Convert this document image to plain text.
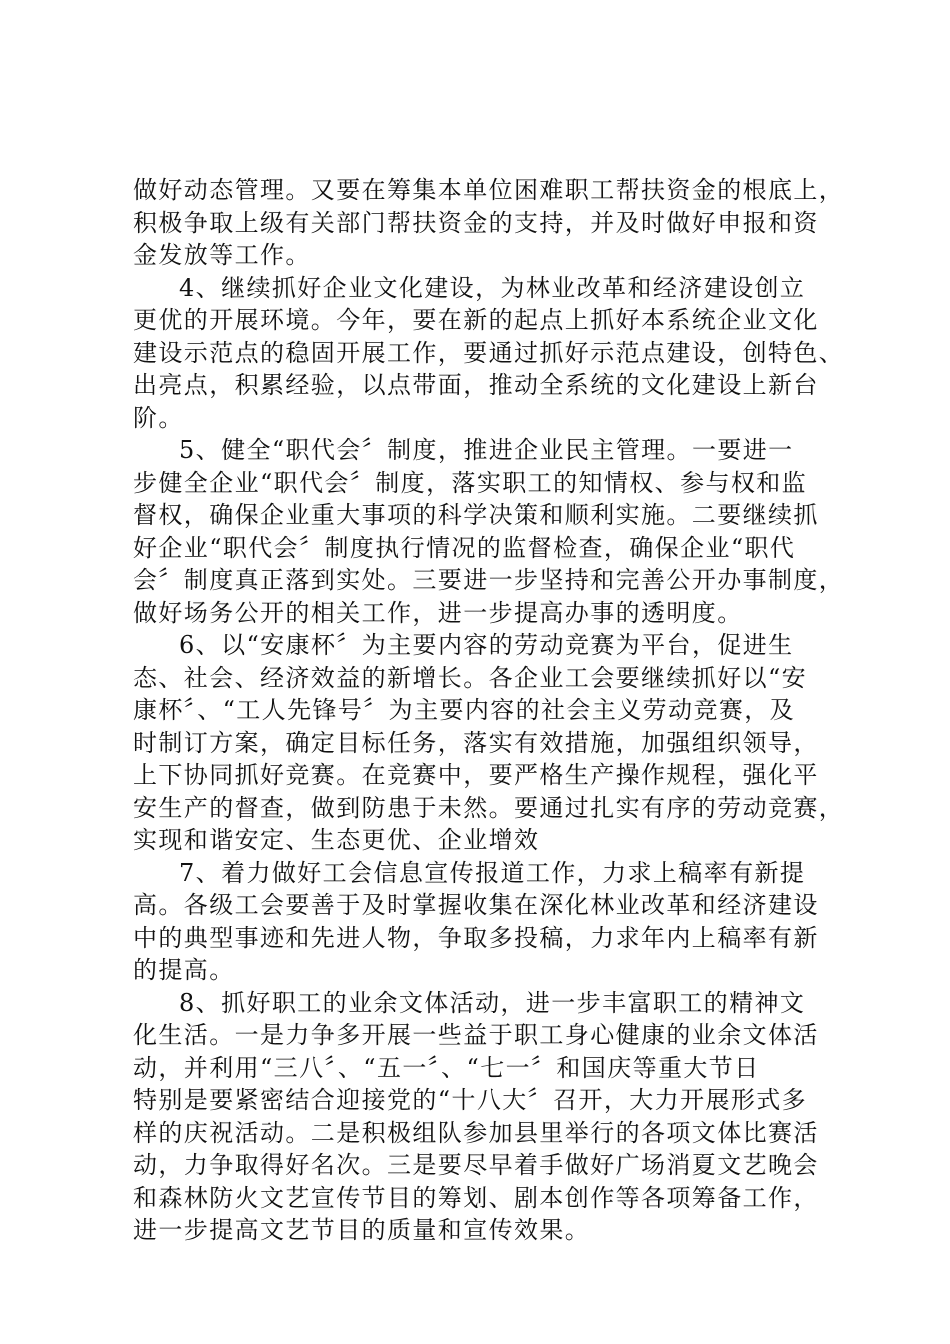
做好动态管理。又要在筹集本单位困难职工帮扶资金的根底上，
积极争取上级有关部门帮扶资金的支持，并及时做好申报和资
金发放等工作。
4、继续抓好企业文化建设，为林业改革和经济建设创立
更优的开展环境。今年，要在新的起点上抓好本系统企业文化
建设示范点的稳固开展工作，要通过抓好示范点建设，创特色、
出亮点，积累经验，以点带面，推动全系统的文化建设上新台
阶。
5、健全“职代会〞制度，推进企业民主管理。一要进一
步健全企业“职代会〞制度，落实职工的知情权、参与权和监
督权，确保企业重大事项的科学决策和顺利实施。二要继续抓
好企业“职代会〞制度执行情况的监督检查，确保企业“职代
会〞制度真正落到实处。三要进一步坚持和完善公开办事制度，
做好场务公开的相关工作，进一步提高办事的透明度。
6、以“安康杯〞为主要内容的劳动竞赛为平台，促进生
态、社会、经济效益的新增长。各企业工会要继续抓好以“安
康杯〞、“工人先锋号〞为主要内容的社会主义劳动竞赛，及
时制订方案，确定目标任务，落实有效措施，加强组织领导，
上下协同抓好竞赛。在竞赛中，要严格生产操作规程，强化平
安生产的督查，做到防患于未然。要通过扎实有序的劳动竞赛，
实现和谐安定、生态更优、企业增效
7、着力做好工会信息宣传报道工作，力求上稿率有新提
高。各级工会要善于及时掌握收集在深化林业改革和经济建设
中的典型事迹和先进人物，争取多投稿，力求年内上稿率有新
的提高。
8、抓好职工的业余文体活动，进一步丰富职工的精神文
化生活。一是力争多开展一些益于职工身心健康的业余文体活
动，并利用“三八〞、“五一〞、“七一〞和国庆等重大节日
特别是要紧密结合迎接党的“十八大〞召开，大力开展形式多
样的庆祝活动。二是积极组队参加县里举行的各项文体比赛活
动，力争取得好名次。三是要尽早着手做好广场消夏文艺晚会
和森林防火文艺宣传节目的筹划、剧本创作等各项筹备工作，
进一步提高文艺节目的质量和宣传效果。
